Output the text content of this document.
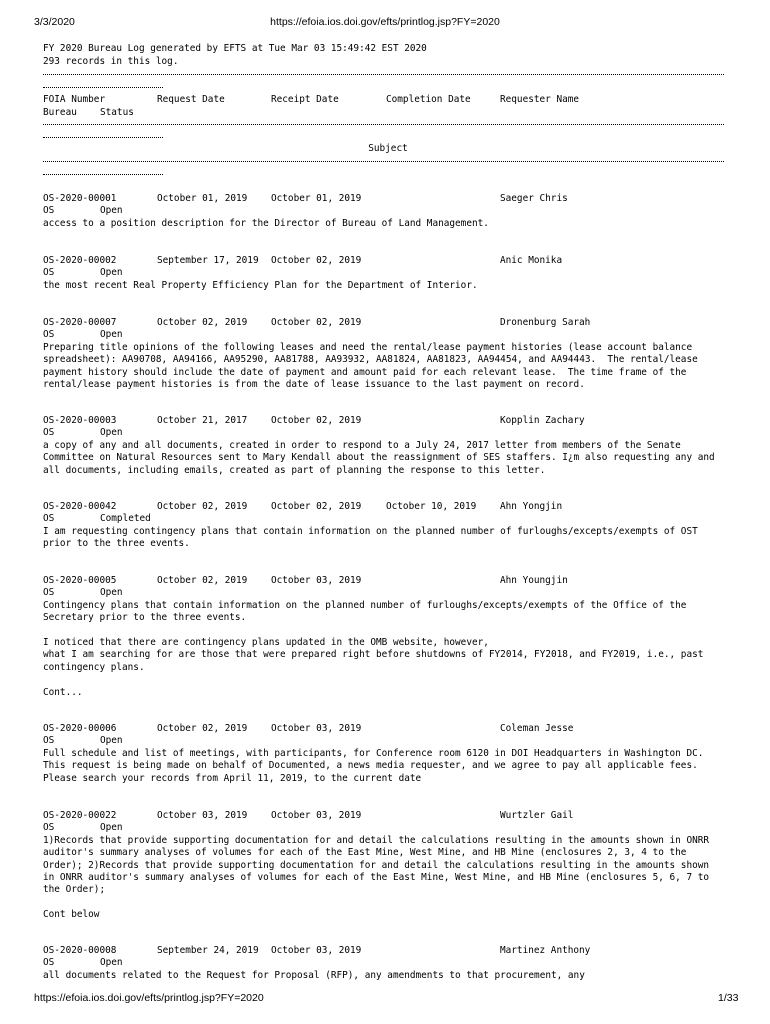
3/3/2020	https://efoia.ios.doi.gov/efts/printlog.jsp?FY=2020
FY 2020 Bureau Log generated by EFTS at Tue Mar 03 15:49:42 EST 2020
293 records in this log.
FOIA Number	Request Date	Receipt Date	Completion Date	Requester Name
Bureau Status
Subject
OS-2020-00001	October 01, 2019	October 01, 2019	Saeger Chris
OS	Open
access to a position description for the Director of Bureau of Land Management.
OS-2020-00002	September 17, 2019 October 02, 2019	Anic Monika
OS	Open
the most recent Real Property Efficiency Plan for the Department of Interior.
OS-2020-00007	October 02, 2019	October 02, 2019	Dronenburg Sarah
OS	Open
Preparing title opinions of the following leases and need the rental/lease payment histories (lease account balance
spreadsheet): AA90708, AA94166, AA95290, AA81788, AA93932, AA81824, AA81823, AA94454, and AA94443.  The rental/lease
payment history should include the date of payment and amount paid for each relevant lease.  The time frame of the
rental/lease payment histories is from the date of lease issuance to the last payment on record.
OS-2020-00003	October 21, 2017	October 02, 2019	Kopplin Zachary
OS	Open
a copy of any and all documents, created in order to respond to a July 24, 2017 letter from members of the Senate
Committee on Natural Resources sent to Mary Kendall about the reassignment of SES staffers. I¿m also requesting any and
all documents, including emails, created as part of planning the response to this letter.
OS-2020-00042	October 02, 2019	October 02, 2019	October 10, 2019	Ahn Yongjin
OS	Completed
I am requesting contingency plans that contain information on the planned number of furloughs/excepts/exempts of OST
prior to the three events.
OS-2020-00005	October 02, 2019	October 03, 2019	Ahn Youngjin
OS	Open
Contingency plans that contain information on the planned number of furloughs/excepts/exempts of the Office of the
Secretary prior to the three events.

I noticed that there are contingency plans updated in the OMB website, however,
what I am searching for are those that were prepared right before shutdowns of FY2014, FY2018, and FY2019, i.e., past
contingency plans.

Cont...
OS-2020-00006	October 02, 2019	October 03, 2019	Coleman Jesse
OS	Open
Full schedule and list of meetings, with participants, for Conference room 6120 in DOI Headquarters in Washington DC.
This request is being made on behalf of Documented, a news media requester, and we agree to pay all applicable fees.
Please search your records from April 11, 2019, to the current date
OS-2020-00022	October 03, 2019	October 03, 2019	Wurtzler Gail
OS	Open
1)Records that provide supporting documentation for and detail the calculations resulting in the amounts shown in ONRR
auditor's summary analyses of volumes for each of the East Mine, West Mine, and HB Mine (enclosures 2, 3, 4 to the
Order); 2)Records that provide supporting documentation for and detail the calculations resulting in the amounts shown
in ONRR auditor's summary analyses of volumes for each of the East Mine, West Mine, and HB Mine (enclosures 5, 6, 7 to
the Order);

Cont below
OS-2020-00008	September 24, 2019 October 03, 2019	Martinez Anthony
OS	Open
all documents related to the Request for Proposal (RFP), any amendments to that procurement, any
https://efoia.ios.doi.gov/efts/printlog.jsp?FY=2020	1/33
